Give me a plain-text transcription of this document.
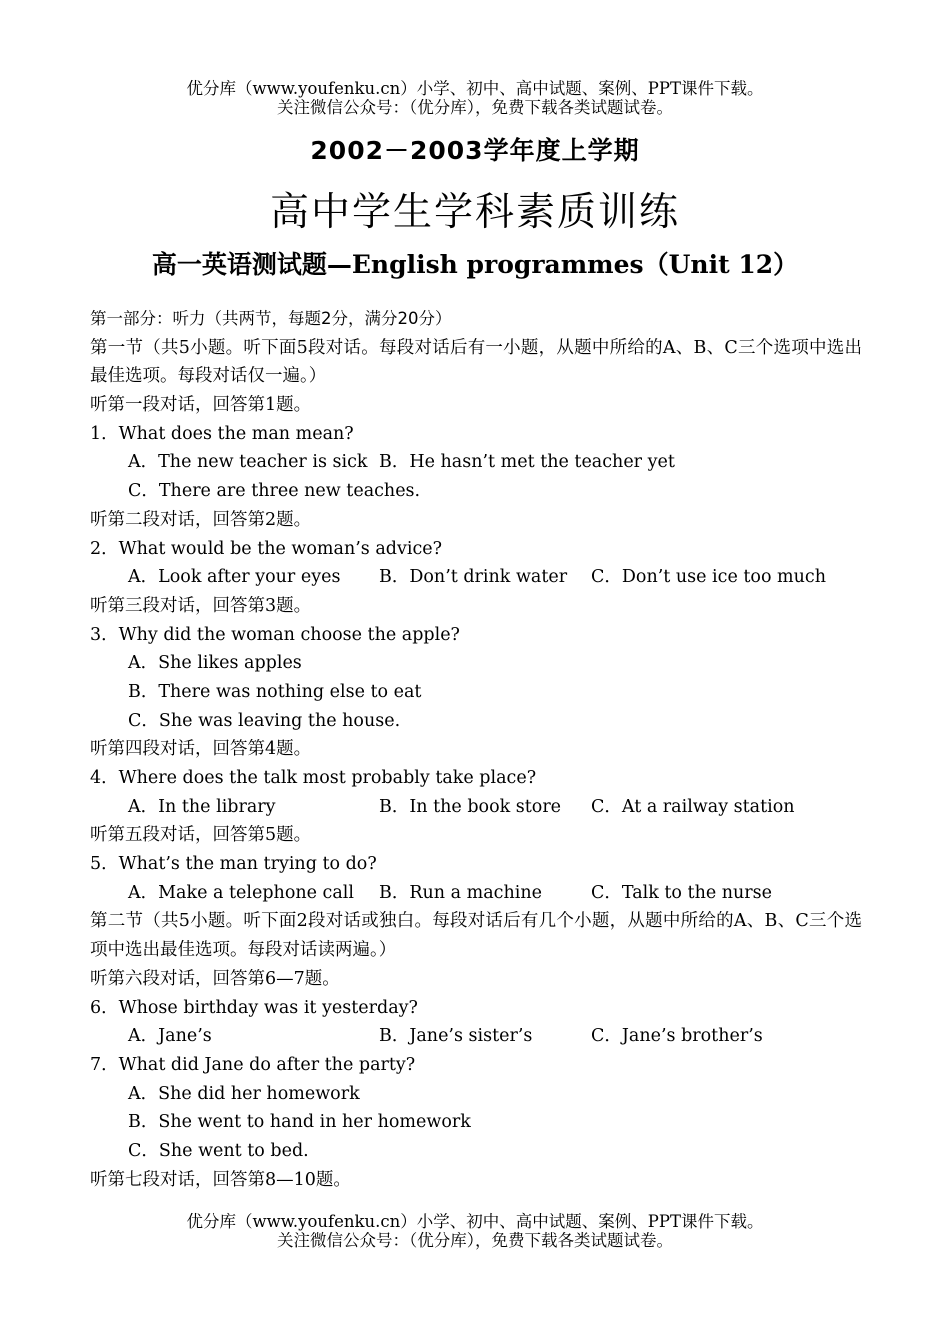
优分库（www.youfenku.cn）小学、初中、高中试题、案例、PPT课件下载。
关注微信公众号：（优分库），免费下载各类试题试卷。
2002－2003学年度上学期
高中学生学科素质训练
高一英语测试题—English programmes（Unit 12）
第一部分：听力（共两节，每题2分，满分20分）
第一节（共5小题。听下面5段对话。每段对话后有一小题，从题中所给的A、B、C三个选项中选出最佳选项。每段对话仅一遍。）
听第一段对话，回答第1题。
1．What does the man mean?
A．The new teacher is sick B．He hasn’t met the teacher yet
C．There are three new teaches.
听第二段对话，回答第2题。
2．What would be the woman’s advice?
A．Look after your eyes	B．Don’t drink water	C．Don’t use ice too much
听第三段对话，回答第3题。
3．Why did the woman choose the apple?
A．She likes apples
B．There was nothing else to eat
C．She was leaving the house.
听第四段对话，回答第4题。
4．Where does the talk most probably take place?
A．In the library	B．In the book store	C．At a railway station
听第五段对话，回答第5题。
5．What’s the man trying to do?
A．Make a telephone call	B．Run a machine	C．Talk to the nurse
第二节（共5小题。听下面2段对话或独白。每段对话后有几个小题，从题中所给的A、B、C三个选项中选出最佳选项。每段对话读两遍。）
听第六段对话，回答第6—7题。
6．Whose birthday was it yesterday?
A．Jane’s	B．Jane’s sister’s	C．Jane’s brother’s
7．What did Jane do after the party?
A．She did her homework
B．She went to hand in her homework
C．She went to bed.
听第七段对话，回答第8—10题。
优分库（www.youfenku.cn）小学、初中、高中试题、案例、PPT课件下载。
关注微信公众号：（优分库），免费下载各类试题试卷。
